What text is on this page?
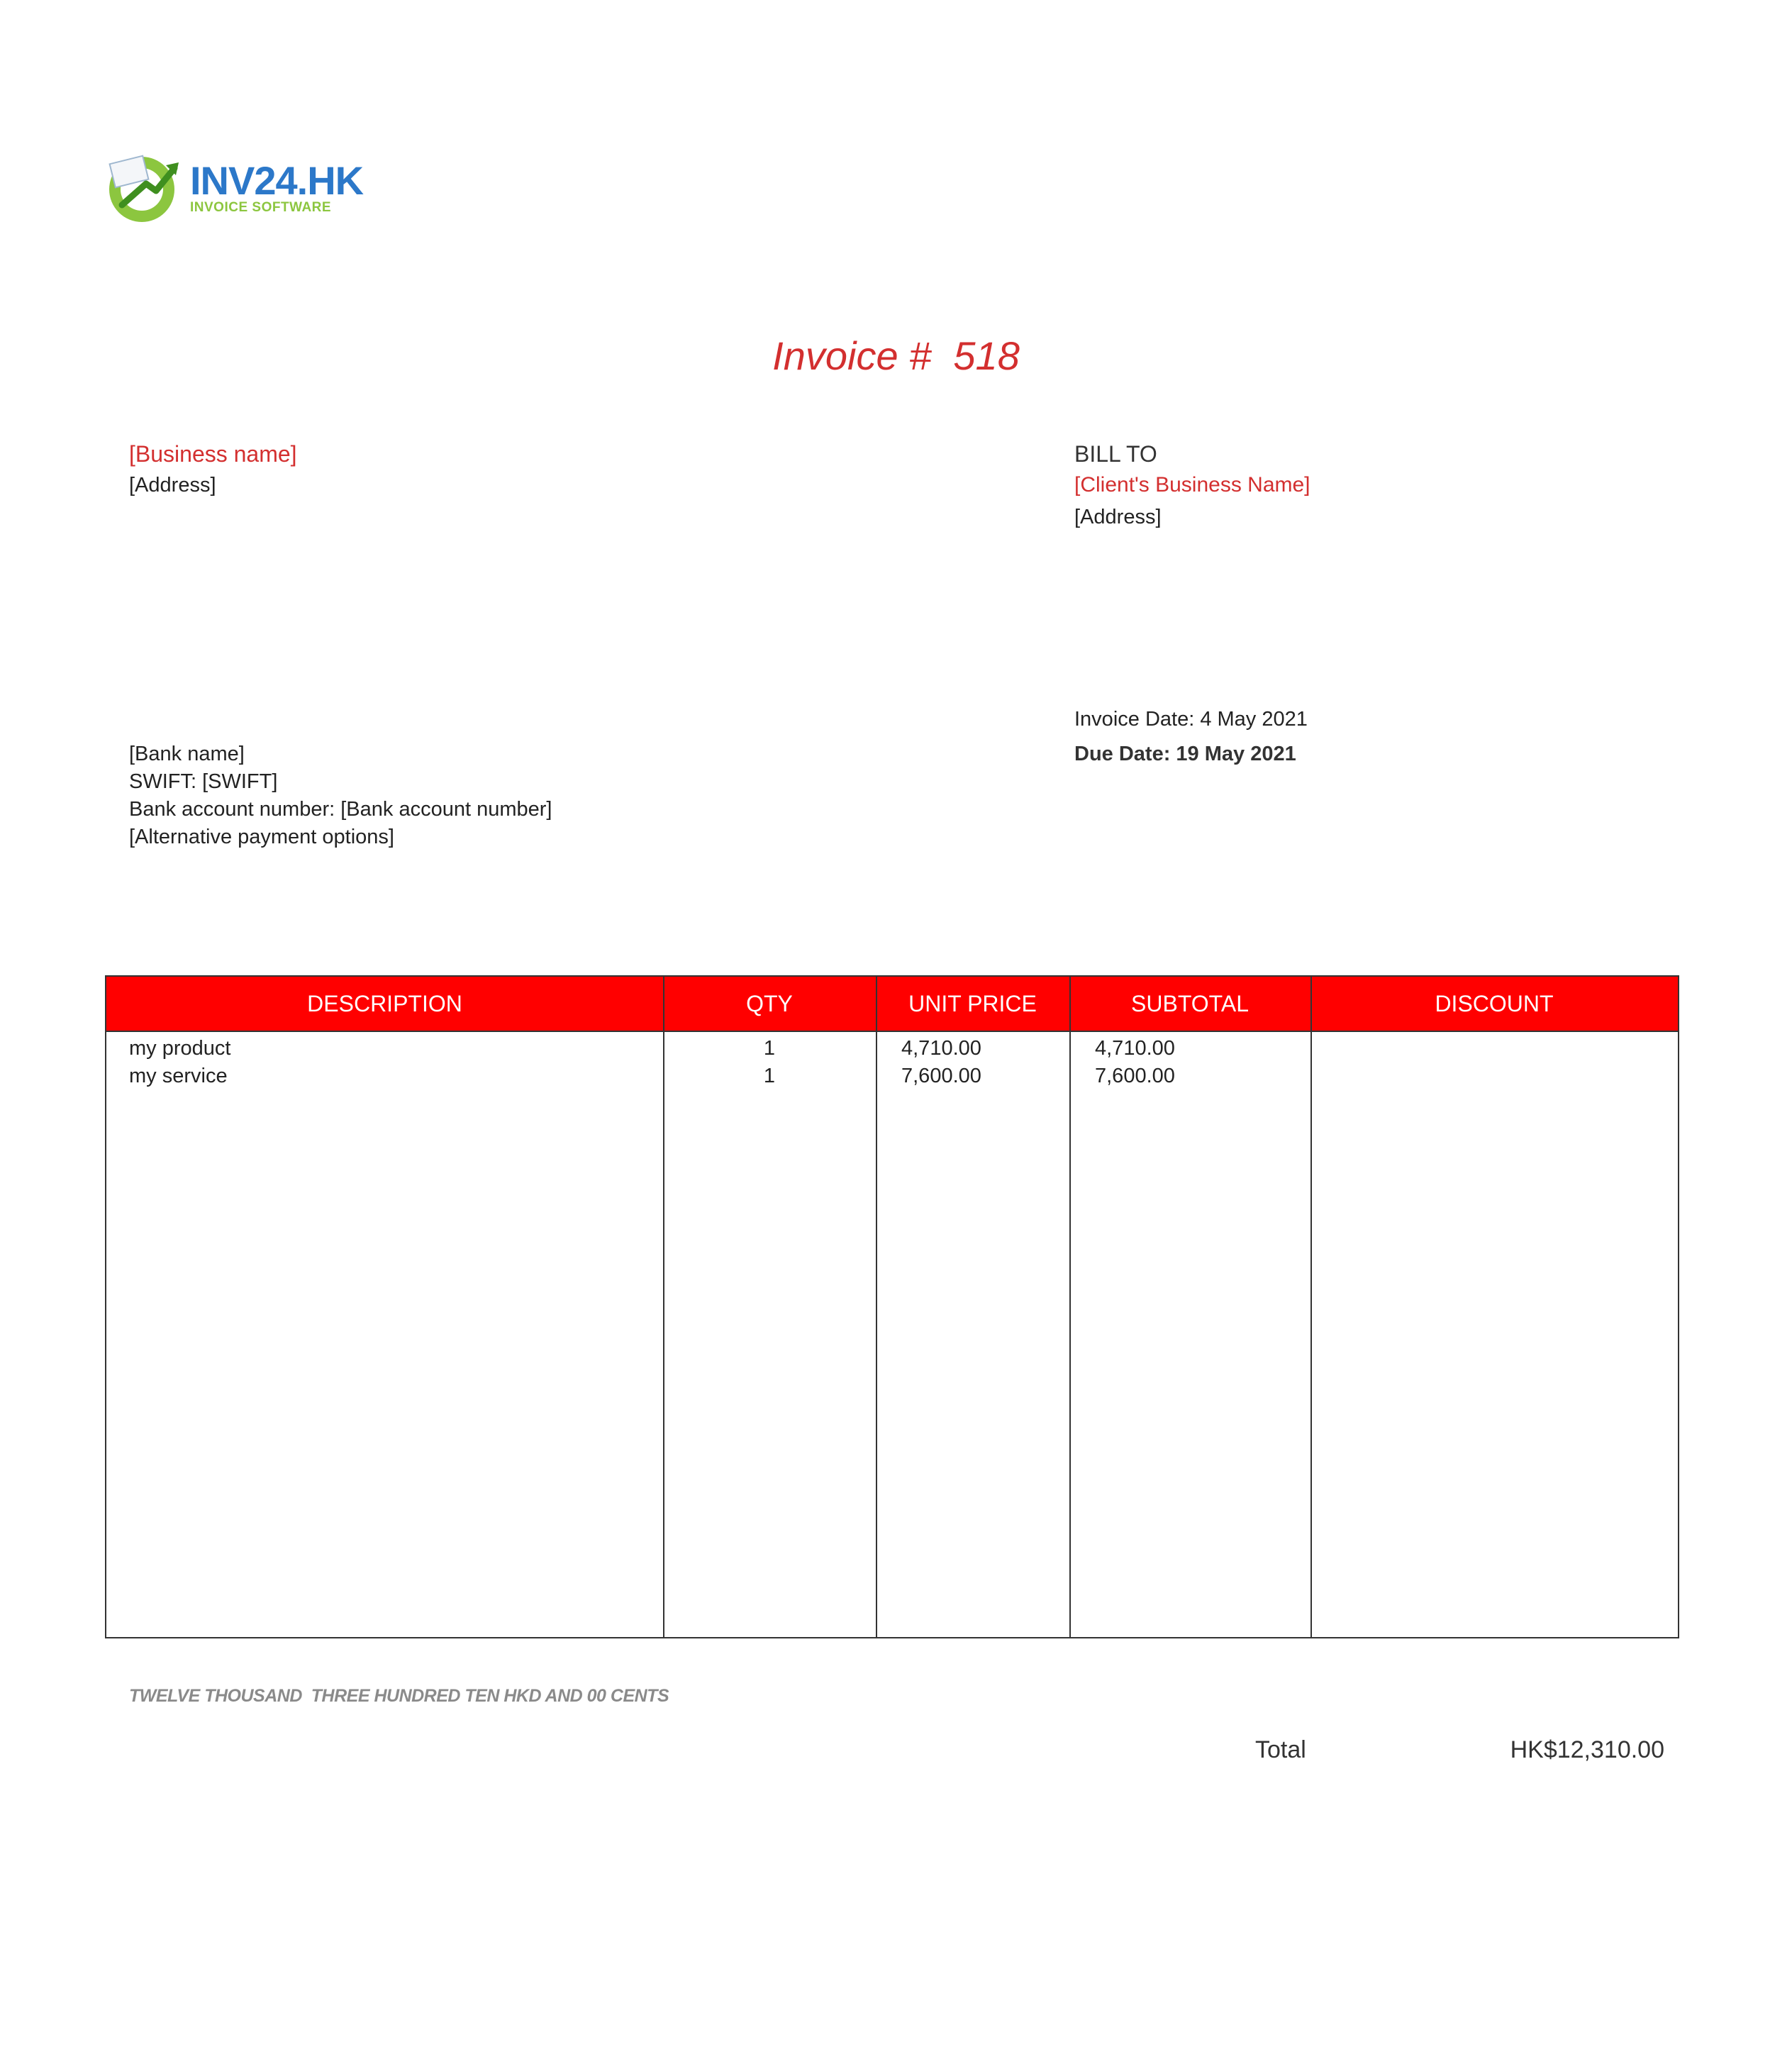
INV24.HK
INVOICE SOFTWARE
Invoice #  518
[Business name]
[Address]
BILL TO
[Client's Business Name]
[Address]
[Bank name]
SWIFT: [SWIFT]
Bank account number: [Bank account number]
[Alternative payment options]
Invoice Date: 4 May 2021
Due Date: 19 May 2021
DESCRIPTION	QTY	UNIT PRICE	SUBTOTAL	DISCOUNT
my product	1	4,710.00	4,710.00
my service	1	7,600.00	7,600.00
TWELVE THOUSAND  THREE HUNDRED TEN HKD AND 00 CENTS
Total	HK$12,310.00
